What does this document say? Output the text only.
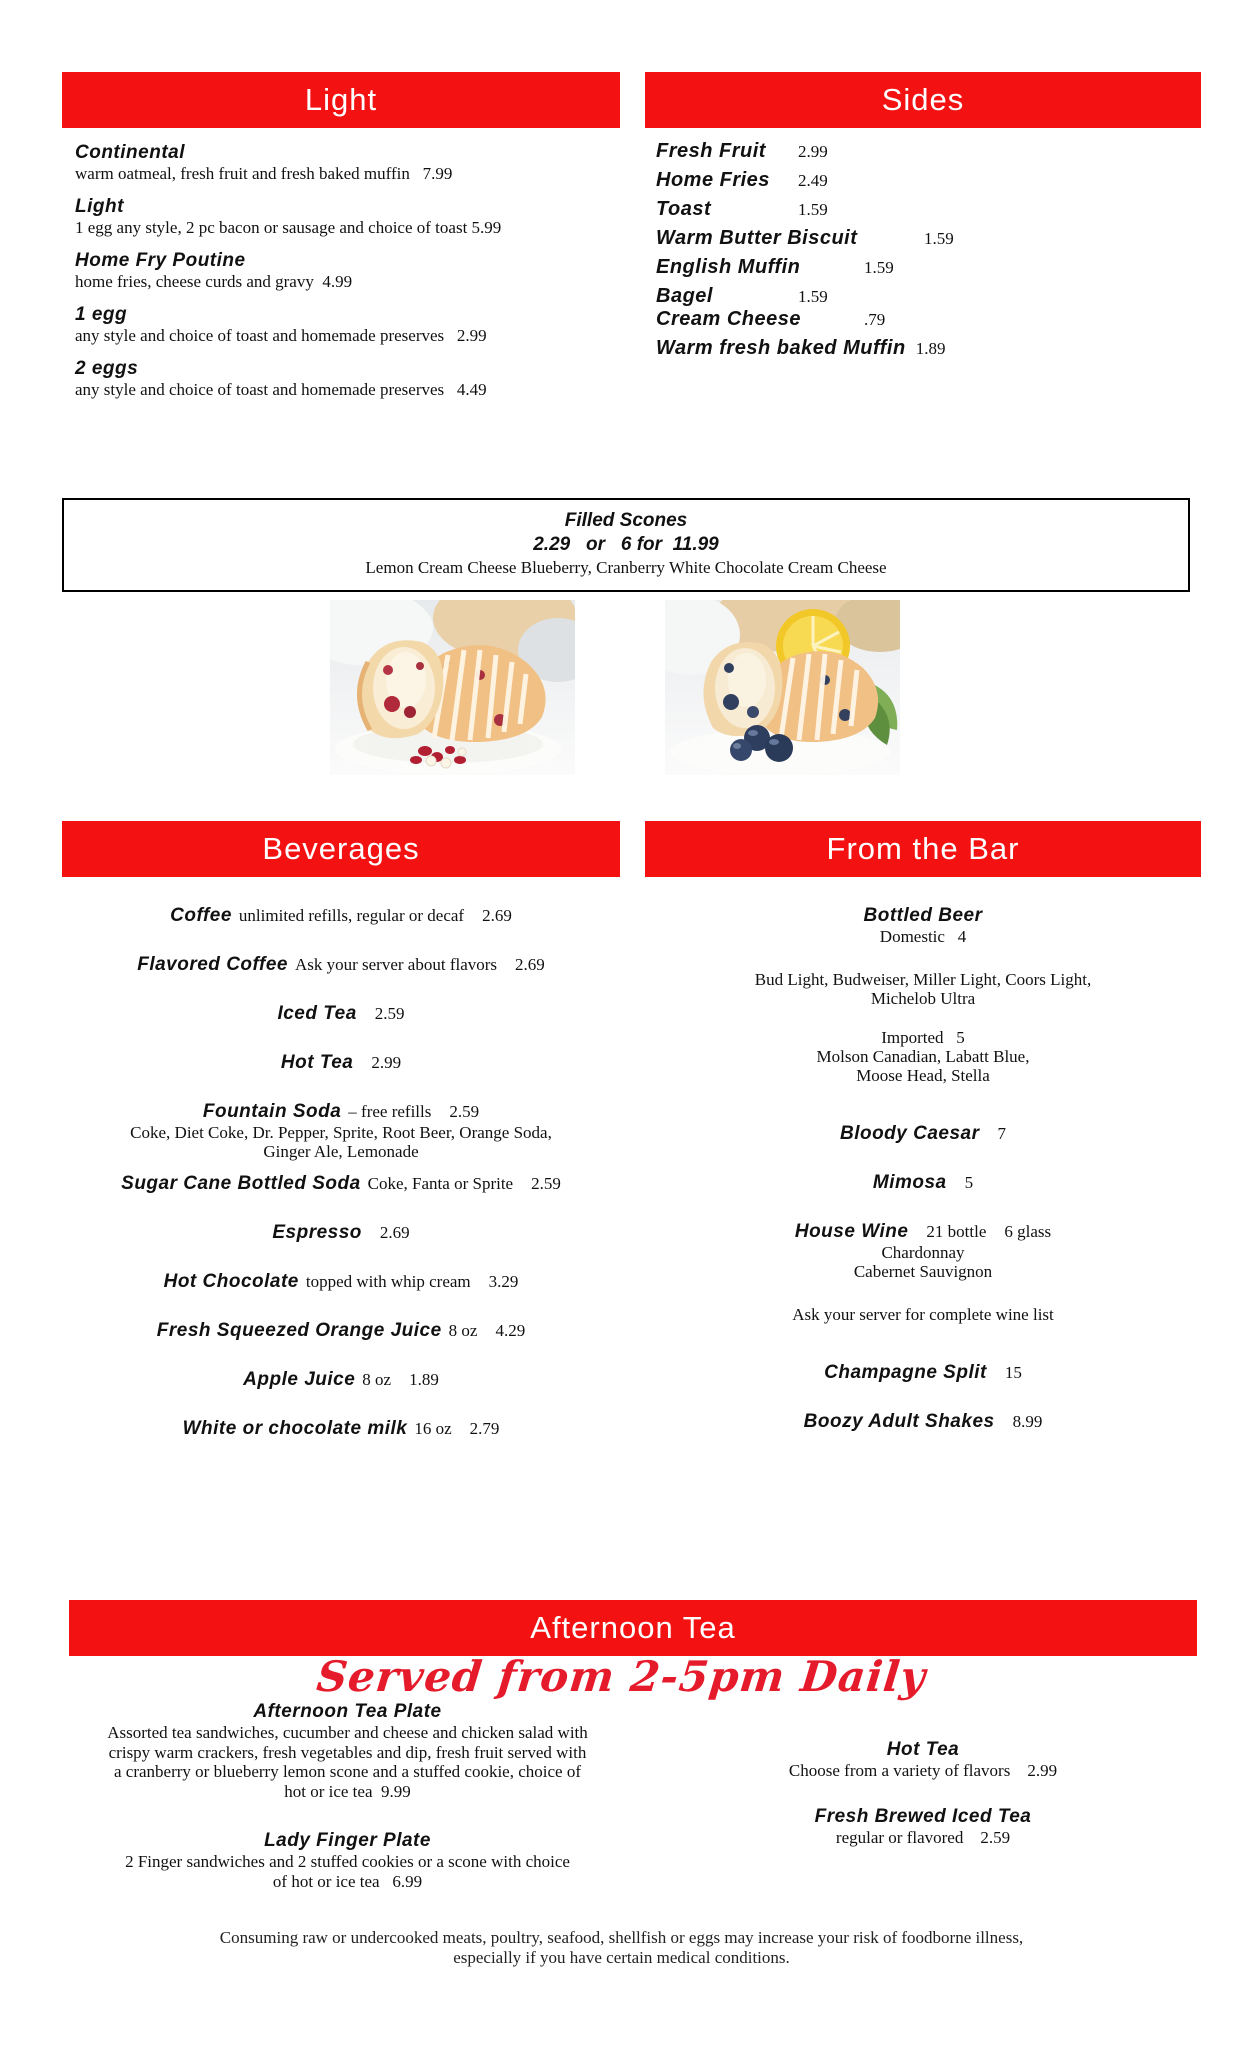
Light
Continental
warm oatmeal, fresh fruit and fresh baked muffin   7.99
Light
1 egg any style, 2 pc bacon or sausage and choice of toast 5.99
Home Fry Poutine
home fries, cheese curds and gravy  4.99
1 egg
any style and choice of toast and homemade preserves   2.99
2 eggs
any style and choice of toast and homemade preserves   4.49
Sides
Fresh Fruit	2.99
Home Fries	2.49
Toast	1.59
Warm Butter Biscuit	1.59
English Muffin	1.59
Bagel	1.59
Cream Cheese	.79
Warm fresh baked Muffin 1.89
Filled Scones
2.29   or   6 for  11.99
Lemon Cream Cheese Blueberry, Cranberry White Chocolate Cream Cheese
Beverages
Coffee unlimited refills, regular or decaf 2.69
Flavored Coffee Ask your server about flavors 2.69
Iced Tea 2.59
Hot Tea 2.99
Fountain Soda – free refills 2.59
Coke, Diet Coke, Dr. Pepper, Sprite, Root Beer, Orange Soda,
Ginger Ale, Lemonade
Sugar Cane Bottled Soda Coke, Fanta or Sprite 2.59
Espresso 2.69
Hot Chocolate topped with whip cream 3.29
Fresh Squeezed Orange Juice 8 oz 4.29
Apple Juice 8 oz 1.89
White or chocolate milk 16 oz 2.79
From the Bar
Bottled Beer
Domestic   4
Bud Light, Budweiser, Miller Light, Coors Light,
Michelob Ultra
Imported   5
Molson Canadian, Labatt Blue,
Moose Head, Stella
Bloody Caesar 7
Mimosa 5
House Wine 21 bottle 6 glass
Chardonnay
Cabernet Sauvignon
Ask your server for complete wine list
Champagne Split 15
Boozy Adult Shakes 8.99
Afternoon Tea
Served from 2-5pm Daily
Afternoon Tea Plate
Assorted tea sandwiches, cucumber and cheese and chicken salad with crispy warm crackers, fresh vegetables and dip, fresh fruit served with a cranberry or blueberry lemon scone and a stuffed cookie, choice of hot or ice tea  9.99
Lady Finger Plate
2 Finger sandwiches and 2 stuffed cookies or a scone with choice of hot or ice tea   6.99
Hot Tea
Choose from a variety of flavors    2.99
Fresh Brewed Iced Tea
regular or flavored    2.59
Consuming raw or undercooked meats, poultry, seafood, shellfish or eggs may increase your risk of foodborne illness,
especially if you have certain medical conditions.
